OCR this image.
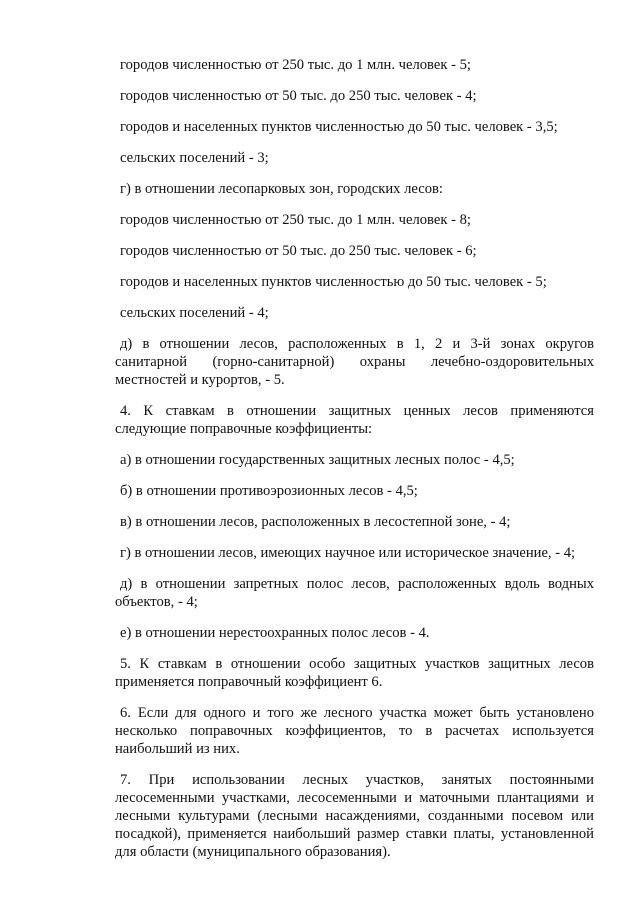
городов численностью от 250 тыс. до 1 млн. человек - 5;

городов численностью от 50 тыс. до 250 тыс. человек - 4;

городов и населенных пунктов численностью до 50 тыс. человек - 3,5;

сельских поселений - 3;

г) в отношении лесопарковых зон, городских лесов:

городов численностью от 250 тыс. до 1 млн. человек - 8;

городов численностью от 50 тыс. до 250 тыс. человек - 6;

городов и населенных пунктов численностью до 50 тыс. человек - 5;

сельских поселений - 4;

д) в отношении лесов, расположенных в 1, 2 и 3-й зонах округов санитарной (горно-санитарной) охраны лечебно-оздоровительных местностей и курортов, - 5.

4. К ставкам в отношении защитных ценных лесов применяются следующие поправочные коэффициенты:

а) в отношении государственных защитных лесных полос - 4,5;

б) в отношении противоэрозионных лесов - 4,5;

в) в отношении лесов, расположенных в лесостепной зоне, - 4;

г) в отношении лесов, имеющих научное или историческое значение, - 4;

д) в отношении запретных полос лесов, расположенных вдоль водных объектов, - 4;

е) в отношении нерестоохранных полос лесов - 4.

5. К ставкам в отношении особо защитных участков защитных лесов применяется поправочный коэффициент 6.

6. Если для одного и того же лесного участка может быть установлено несколько поправочных коэффициентов, то в расчетах используется наибольший из них.

7. При использовании лесных участков, занятых постоянными лесосеменными участками, лесосеменными и маточными плантациями и лесными культурами (лесными насаждениями, созданными посевом или посадкой), применяется наибольший размер ставки платы, установленной для области (муниципального образования).
